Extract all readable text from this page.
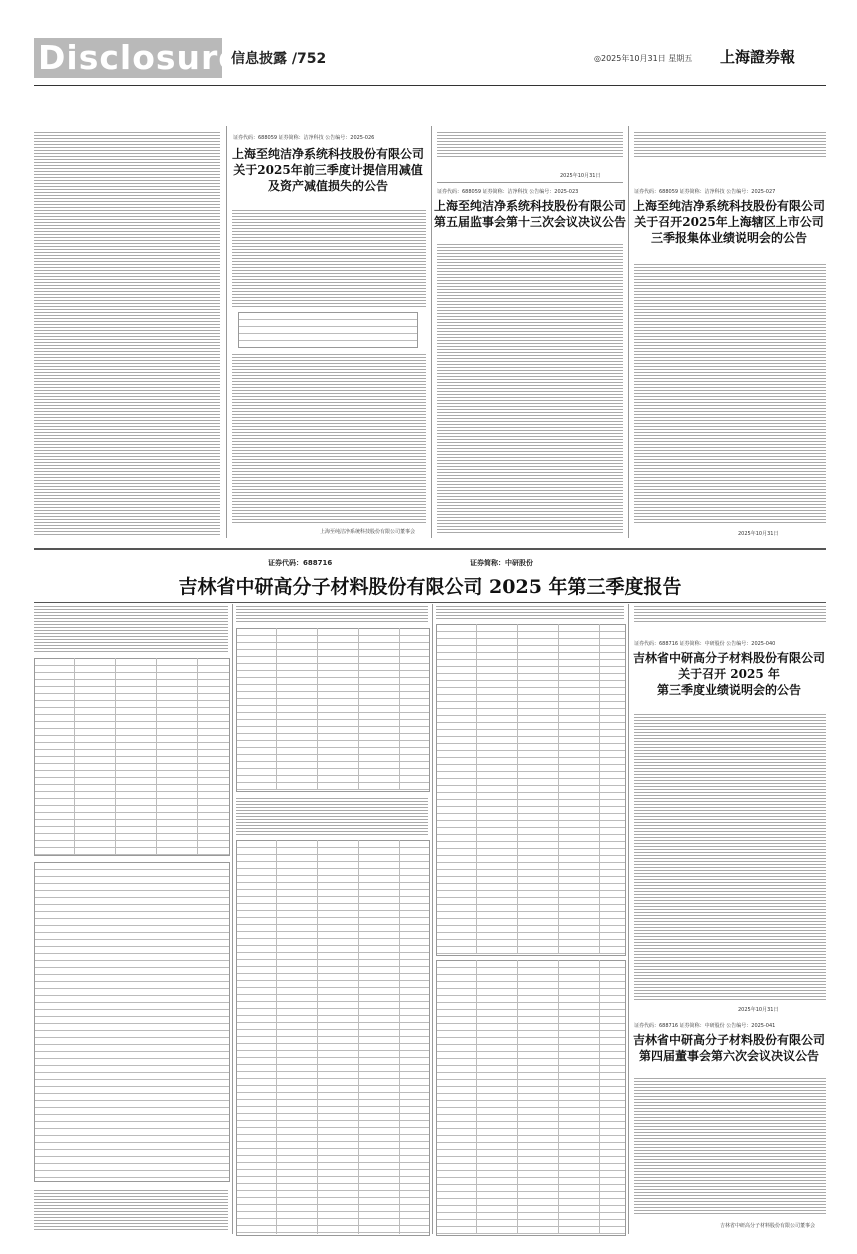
Disclosure
信息披露 /752	◎2025年10月31日 星期五 上海證券報
证券代码：688059 证券简称：洁净科技 公告编号：2025-026
上海至纯洁净系统科技股份有限公司
关于2025年前三季度计提信用减值
及资产减值损失的公告
上海至纯洁净系统科技股份有限公司董事会
2025年10月31日
证券代码：688059 证券简称：洁净科技 公告编号：2025-023
上海至纯洁净系统科技股份有限公司
第五届监事会第十三次会议决议公告
证券代码：688059 证券简称：洁净科技 公告编号：2025-027
上海至纯洁净系统科技股份有限公司
关于召开2025年上海辖区上市公司
三季报集体业绩说明会的公告
2025年10月31日
证券代码：688716	证券简称：中研股份
吉林省中研高分子材料股份有限公司 2025 年第三季度报告
证券代码：688716 证券简称：中研股份 公告编号：2025-040
吉林省中研高分子材料股份有限公司
关于召开 2025 年
第三季度业绩说明会的公告
2025年10月31日
证券代码：688716 证券简称：中研股份 公告编号：2025-041
吉林省中研高分子材料股份有限公司
第四届董事会第六次会议决议公告
吉林省中研高分子材料股份有限公司董事会
